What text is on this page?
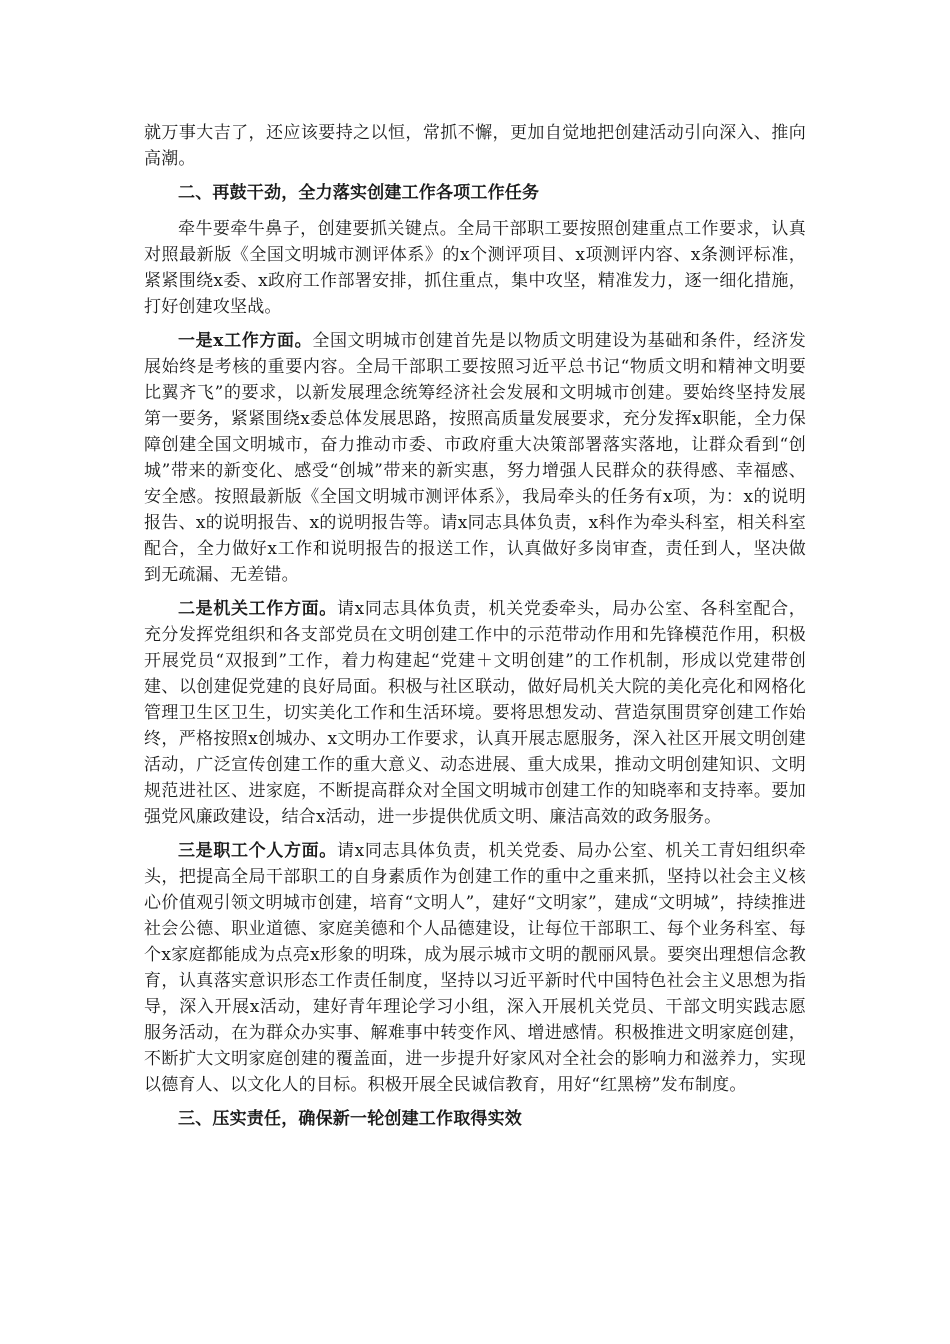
就万事大吉了，还应该要持之以恒，常抓不懈，更加自觉地把创建活动引向深入、推向高潮。

二、再鼓干劲，全力落实创建工作各项工作任务

牵牛要牵牛鼻子，创建要抓关键点。全局干部职工要按照创建重点工作要求，认真对照最新版《全国文明城市测评体系》的x个测评项目、x项测评内容、x条测评标准，紧紧围绕x委、x政府工作部署安排，抓住重点，集中攻坚，精准发力，逐一细化措施，打好创建攻坚战。

一是x工作方面。全国文明城市创建首先是以物质文明建设为基础和条件，经济发展始终是考核的重要内容。全局干部职工要按照习近平总书记“物质文明和精神文明要比翼齐飞”的要求，以新发展理念统筹经济社会发展和文明城市创建。要始终坚持发展第一要务，紧紧围绕x委总体发展思路，按照高质量发展要求，充分发挥x职能，全力保障创建全国文明城市，奋力推动市委、市政府重大决策部署落实落地，让群众看到“创城”带来的新变化、感受“创城”带来的新实惠，努力增强人民群众的获得感、幸福感、安全感。按照最新版《全国文明城市测评体系》，我局牵头的任务有x项，为：x的说明报告、x的说明报告、x的说明报告等。请x同志具体负责，x科作为牵头科室，相关科室配合，全力做好x工作和说明报告的报送工作，认真做好多岗审查，责任到人，坚决做到无疏漏、无差错。

二是机关工作方面。请x同志具体负责，机关党委牵头，局办公室、各科室配合，充分发挥党组织和各支部党员在文明创建工作中的示范带动作用和先锋模范作用，积极开展党员“双报到”工作，着力构建起“党建＋文明创建”的工作机制，形成以党建带创建、以创建促党建的良好局面。积极与社区联动，做好局机关大院的美化亮化和网格化管理卫生区卫生，切实美化工作和生活环境。要将思想发动、营造氛围贯穿创建工作始终，严格按照x创城办、x文明办工作要求，认真开展志愿服务，深入社区开展文明创建活动，广泛宣传创建工作的重大意义、动态进展、重大成果，推动文明创建知识、文明规范进社区、进家庭，不断提高群众对全国文明城市创建工作的知晓率和支持率。要加强党风廉政建设，结合x活动，进一步提供优质文明、廉洁高效的政务服务。

三是职工个人方面。请x同志具体负责，机关党委、局办公室、机关工青妇组织牵头，把提高全局干部职工的自身素质作为创建工作的重中之重来抓，坚持以社会主义核心价值观引领文明城市创建，培育“文明人”，建好“文明家”，建成“文明城”，持续推进社会公德、职业道德、家庭美德和个人品德建设，让每位干部职工、每个业务科室、每个x家庭都能成为点亮x形象的明珠，成为展示城市文明的靓丽风景。要突出理想信念教育，认真落实意识形态工作责任制度，坚持以习近平新时代中国特色社会主义思想为指导，深入开展x活动，建好青年理论学习小组，深入开展机关党员、干部文明实践志愿服务活动，在为群众办实事、解难事中转变作风、增进感情。积极推进文明家庭创建，不断扩大文明家庭创建的覆盖面，进一步提升好家风对全社会的影响力和滋养力，实现以德育人、以文化人的目标。积极开展全民诚信教育，用好“红黑榜”发布制度。

三、压实责任，确保新一轮创建工作取得实效
